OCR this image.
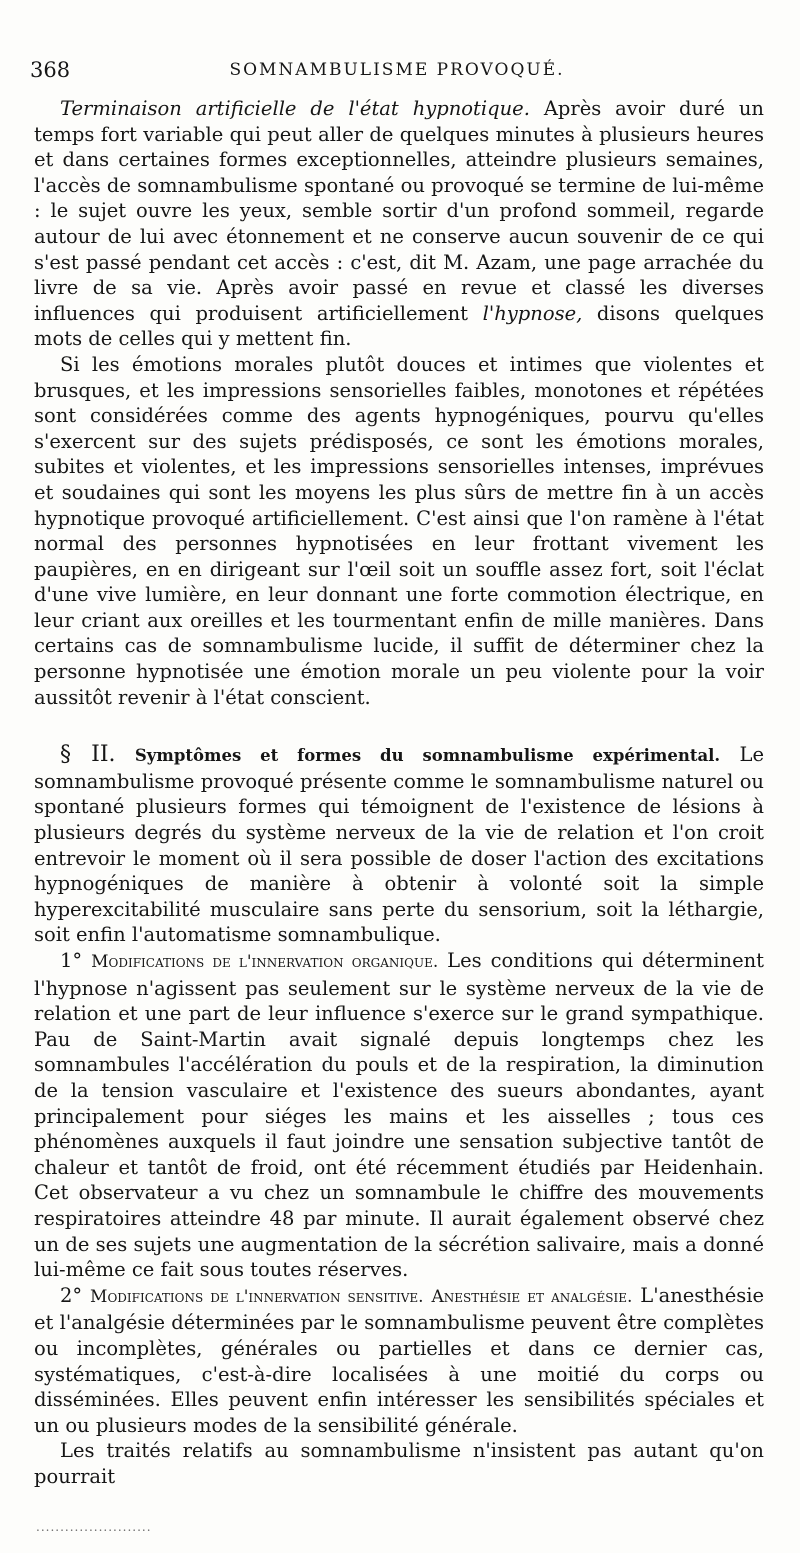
368	SOMNAMBULISME PROVOQUÉ.

Terminaison artificielle de l'état hypnotique. Après avoir duré un temps fort variable qui peut aller de quelques minutes à plusieurs heures et dans certaines formes exceptionnelles, atteindre plusieurs semaines, l'accès de somnambulisme spontané ou provoqué se termine de lui-même : le sujet ouvre les yeux, semble sortir d'un profond sommeil, regarde autour de lui avec étonnement et ne conserve aucun souvenir de ce qui s'est passé pendant cet accès : c'est, dit M. Azam, une page arrachée du livre de sa vie. Après avoir passé en revue et classé les diverses influences qui produisent artificiellement l'hypnose, disons quelques mots de celles qui y mettent fin.

Si les émotions morales plutôt douces et intimes que violentes et brusques, et les impressions sensorielles faibles, monotones et répétées sont considérées comme des agents hypnogéniques, pourvu qu'elles s'exercent sur des sujets prédisposés, ce sont les émotions morales, subites et violentes, et les impressions sensorielles intenses, imprévues et soudaines qui sont les moyens les plus sûrs de mettre fin à un accès hypnotique provoqué artificiellement. C'est ainsi que l'on ramène à l'état normal des personnes hypnotisées en leur frottant vivement les paupières, en en dirigeant sur l'œil soit un souffle assez fort, soit l'éclat d'une vive lumière, en leur donnant une forte commotion électrique, en leur criant aux oreilles et les tourmentant enfin de mille manières. Dans certains cas de somnambulisme lucide, il suffit de déterminer chez la personne hypnotisée une émotion morale un peu violente pour la voir aussitôt revenir à l'état conscient.

§ II. Symptômes et formes du somnambulisme expérimental. Le somnambulisme provoqué présente comme le somnambulisme naturel ou spontané plusieurs formes qui témoignent de l'existence de lésions à plusieurs degrés du système nerveux de la vie de relation et l'on croit entrevoir le moment où il sera possible de doser l'action des excitations hypnogéniques de manière à obtenir à volonté soit la simple hyperexcitabilité musculaire sans perte du sensorium, soit la léthargie, soit enfin l'automatisme somnambulique.

1° Modifications de l'innervation organique. Les conditions qui déterminent l'hypnose n'agissent pas seulement sur le système nerveux de la vie de relation et une part de leur influence s'exerce sur le grand sympathique. Pau de Saint-Martin avait signalé depuis longtemps chez les somnambules l'accélération du pouls et de la respiration, la diminution de la tension vasculaire et l'existence des sueurs abondantes, ayant principalement pour siéges les mains et les aisselles ; tous ces phénomènes auxquels il faut joindre une sensation subjective tantôt de chaleur et tantôt de froid, ont été récemment étudiés par Heidenhain. Cet observateur a vu chez un somnambule le chiffre des mouvements respiratoires atteindre 48 par minute. Il aurait également observé chez un de ses sujets une augmentation de la sécrétion salivaire, mais a donné lui-même ce fait sous toutes réserves.

2° Modifications de l'innervation sensitive. Anesthésie et analgésie. L'anesthésie et l'analgésie déterminées par le somnambulisme peuvent être complètes ou incomplètes, générales ou partielles et dans ce dernier cas, systématiques, c'est-à-dire localisées à une moitié du corps ou disséminées. Elles peuvent enfin intéresser les sensibilités spéciales et un ou plusieurs modes de la sensibilité générale.

Les traités relatifs au somnambulisme n'insistent pas autant qu'on pourrait

........................
